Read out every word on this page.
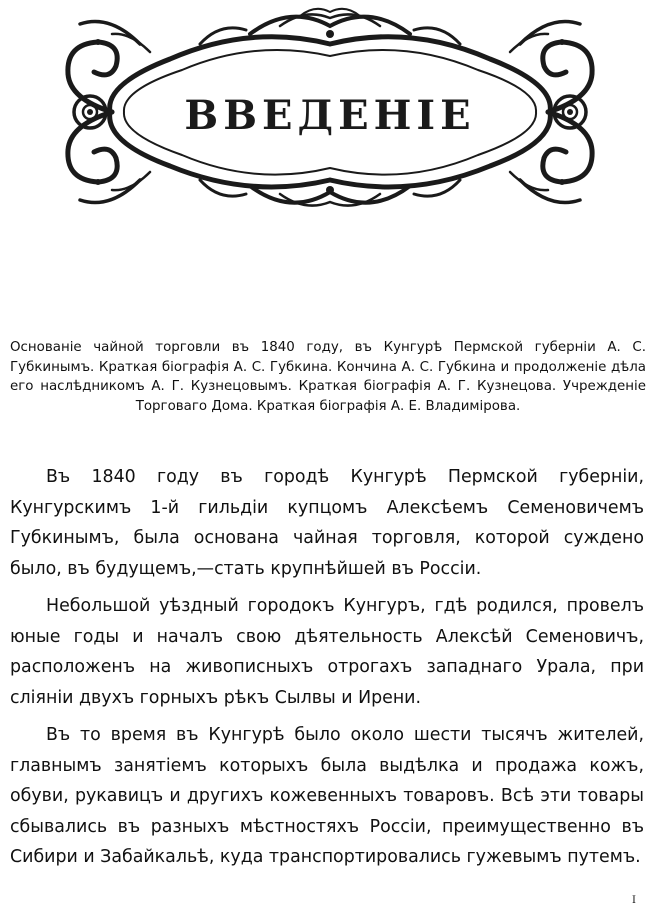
ВВЕДЕНІЕ
Основаніе чайной торговли въ 1840 году, въ Кунгурѣ Пермской губерніи А. С. Губкинымъ. Краткая біографія А. С. Губкина. Кончина А. С. Губкина и продолженіе дѣла его наслѣдникомъ А. Г. Кузнецовымъ. Краткая біографія А. Г. Кузнецова. Учрежденіе Торговаго Дома. Краткая біографія А. Е. Владимірова.

Въ 1840 году въ городѣ Кунгурѣ Пермской губерніи, Кунгурскимъ 1-й гильдіи купцомъ Алексѣемъ Семеновичемъ Губкинымъ, была основана чайная торговля, которой суждено было, въ будущемъ,—стать крупнѣйшей въ Россіи.

Небольшой уѣздный городокъ Кунгуръ, гдѣ родился, провелъ юные годы и началъ свою дѣятельность Алексѣй Семеновичъ, расположенъ на живописныхъ отрогахъ западнаго Урала, при сліяніи двухъ горныхъ рѣкъ Сылвы и Ирени.

Въ то время въ Кунгурѣ было около шести тысячъ жителей, главнымъ занятіемъ которыхъ была выдѣлка и продажа кожъ, обуви, рукавицъ и другихъ кожевенныхъ товаровъ. Всѣ эти товары сбывались въ разныхъ мѣстностяхъ Россіи, преимущественно въ Сибири и Забайкальѣ, куда транспортировались гужевымъ путемъ.

I
